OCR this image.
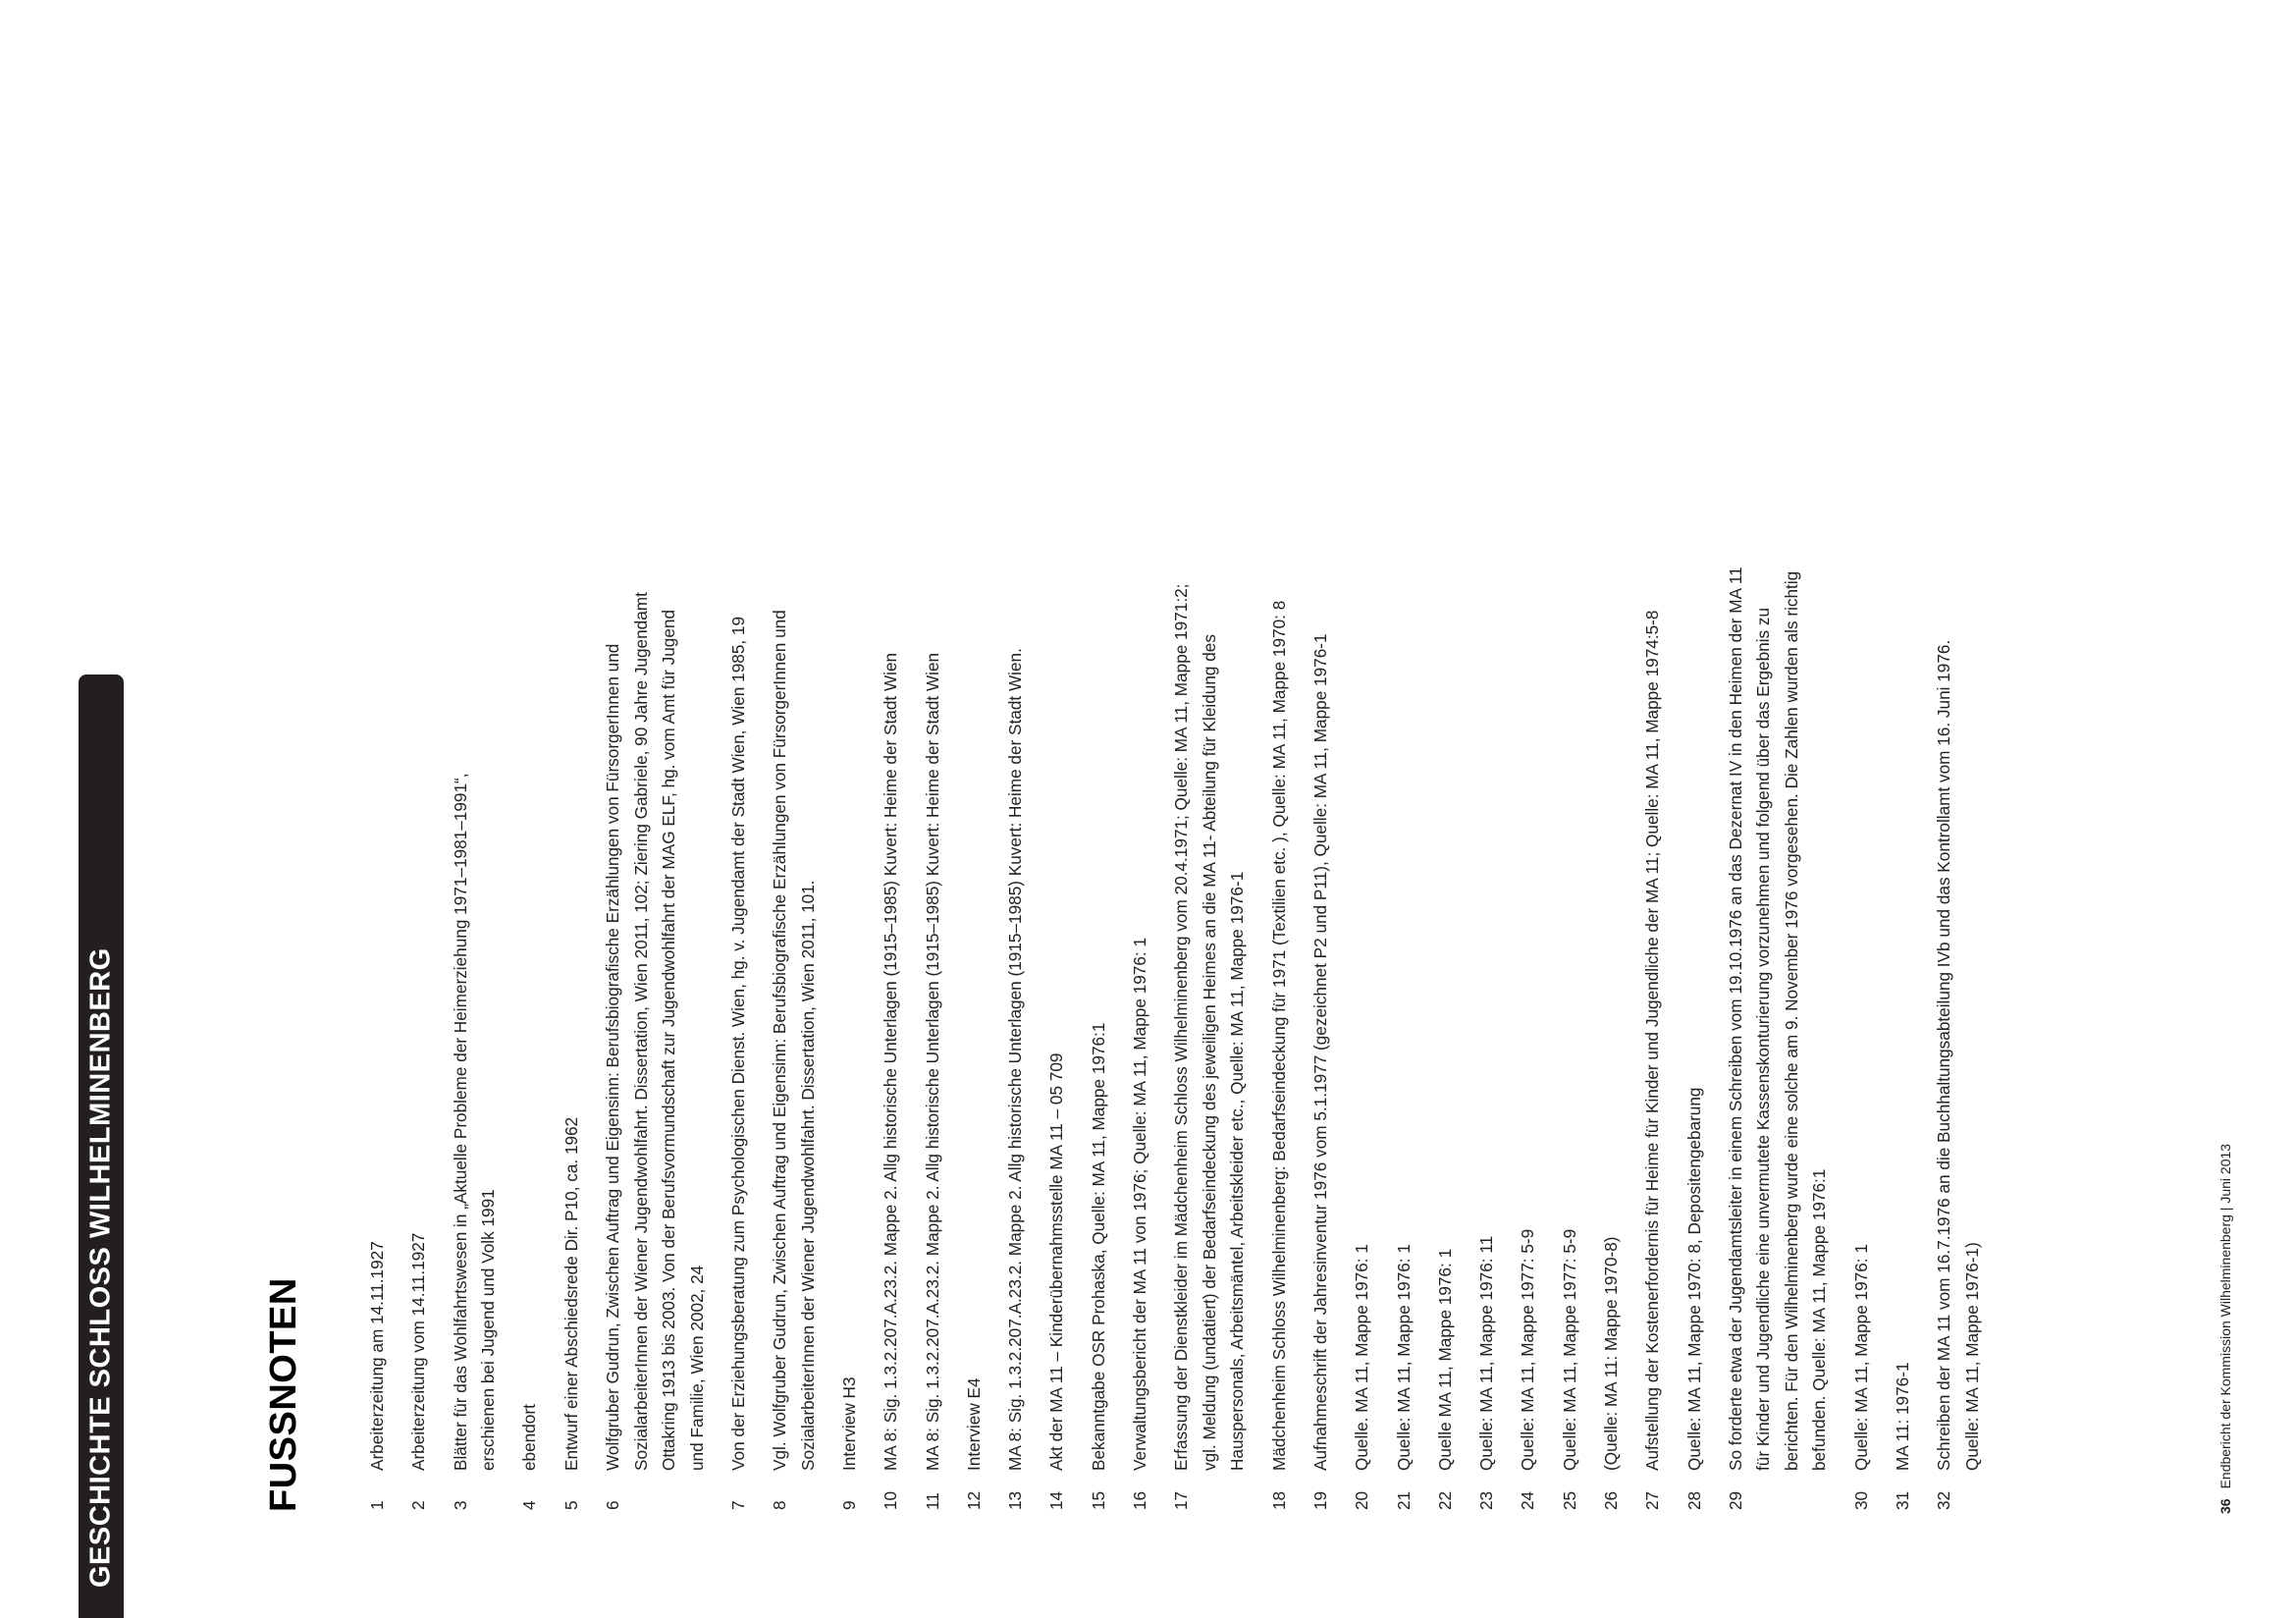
GESCHICHTE SCHLOSS WILHELMINENBERG	FUSSNOTEN	1
Arbeiterzeitung am 14.11.1927
2
Arbeiterzeitung vom 14.11.1927
3
Blätter für das Wohlfahrtswesen in „Aktuelle Probleme der Heimerziehung 1971–1981–1991“,
erschienen bei Jugend und Volk 1991
4
ebendort
5
Entwurf einer Abschiedsrede Dir. P10, ca. 1962
6
Wolfgruber Gudrun, Zwischen Auftrag und Eigensinn: Berufsbiografische Erzählungen von FürsorgerInnen und
SozialarbeiterInnen der Wiener Jugendwohlfahrt. Dissertation, Wien 2011, 102; Ziering Gabriele, 90 Jahre Jugendamt
Ottakring 1913 bis 2003. Von der Berufsvormundschaft zur Jugendwohlfahrt der MAG ELF, hg. vom Amt für Jugend
und Familie, Wien 2002, 24
7
Von der Erziehungsberatung zum Psychologischen Dienst. Wien, hg. v. Jugendamt der Stadt Wien, Wien 1985, 19
8
Vgl. Wolfgruber Gudrun, Zwischen Auftrag und Eigensinn: Berufsbiografische Erzählungen von FürsorgerInnen und
SozialarbeiterInnen der Wiener Jugendwohlfahrt. Dissertation, Wien 2011, 101.
9
Interview H3
10
MA 8: Sig. 1.3.2.207.A.23.2. Mappe 2. Allg historische Unterlagen (1915–1985) Kuvert: Heime der Stadt Wien
11
MA 8: Sig. 1.3.2.207.A.23.2. Mappe 2. Allg historische Unterlagen (1915–1985) Kuvert: Heime der Stadt Wien
12
Interview E4
13
MA 8: Sig. 1.3.2.207.A.23.2. Mappe 2. Allg historische Unterlagen (1915–1985) Kuvert: Heime der Stadt Wien.
14
Akt der MA 11 – Kinderübernahmsstelle MA 11 – 05 709
15
Bekanntgabe OSR Prohaska, Quelle: MA 11, Mappe 1976:1
16
Verwaltungsbericht der MA 11 von 1976; Quelle: MA 11, Mappe 1976: 1
17
Erfassung der Dienstkleider im Mädchenheim Schloss Wilhelminenberg vom 20.4.1971; Quelle: MA 11, Mappe 1971:2;
vgl. Meldung (undatiert) der Bedarfseindeckung des jeweiligen Heimes an die MA 11- Abteilung für Kleidung des
Hauspersonals, Arbeitsmäntel, Arbeitskleider etc., Quelle: MA 11, Mappe 1976-1
18
Mädchenheim Schloss Wilhelminenberg: Bedarfseindeckung für 1971 (Textilien etc. ), Quelle: MA 11, Mappe 1970: 8
19
Aufnahmeschrift der Jahresinventur 1976 vom 5.1.1977 (gezeichnet P2 und P11), Quelle: MA 11, Mappe 1976-1
20
Quelle. MA 11, Mappe 1976: 1
21
Quelle: MA 11, Mappe 1976: 1
22
Quelle MA 11, Mappe 1976: 1
23
Quelle: MA 11, Mappe 1976: 11
24
Quelle: MA 11, Mappe 1977: 5-9
25
Quelle: MA 11, Mappe 1977: 5-9
26
(Quelle: MA 11: Mappe 1970-8)
27
Aufstellung der Kostenerfordernis für Heime für Kinder und Jugendliche der MA 11; Quelle: MA 11, Mappe 1974:5-8
28
Quelle: MA 11, Mappe 1970: 8, Depositengebarung
29
So forderte etwa der Jugendamtsleiter in einem Schreiben vom 19.10.1976 an das Dezernat IV in den Heimen der MA 11
für Kinder und Jugendliche eine unvermutete Kassenskonturierung vorzunehmen und folgend über das Ergebnis zu
berichten. Für den Wilhelminenberg wurde eine solche am 9. November 1976 vorgesehen. Die Zahlen wurden als richtig
befunden. Quelle: MA 11, Mappe 1976:1
30
Quelle: MA 11, Mappe 1976: 1
31
MA 11: 1976-1
32
Schreiben der MA 11 vom 16.7.1976 an die Buchhaltungsabteilung IVb und das Kontrollamt vom 16. Juni 1976.
Quelle: MA 11, Mappe 1976-1)
36Endbericht der Kommission Wilhelminenberg | Juni 2013
